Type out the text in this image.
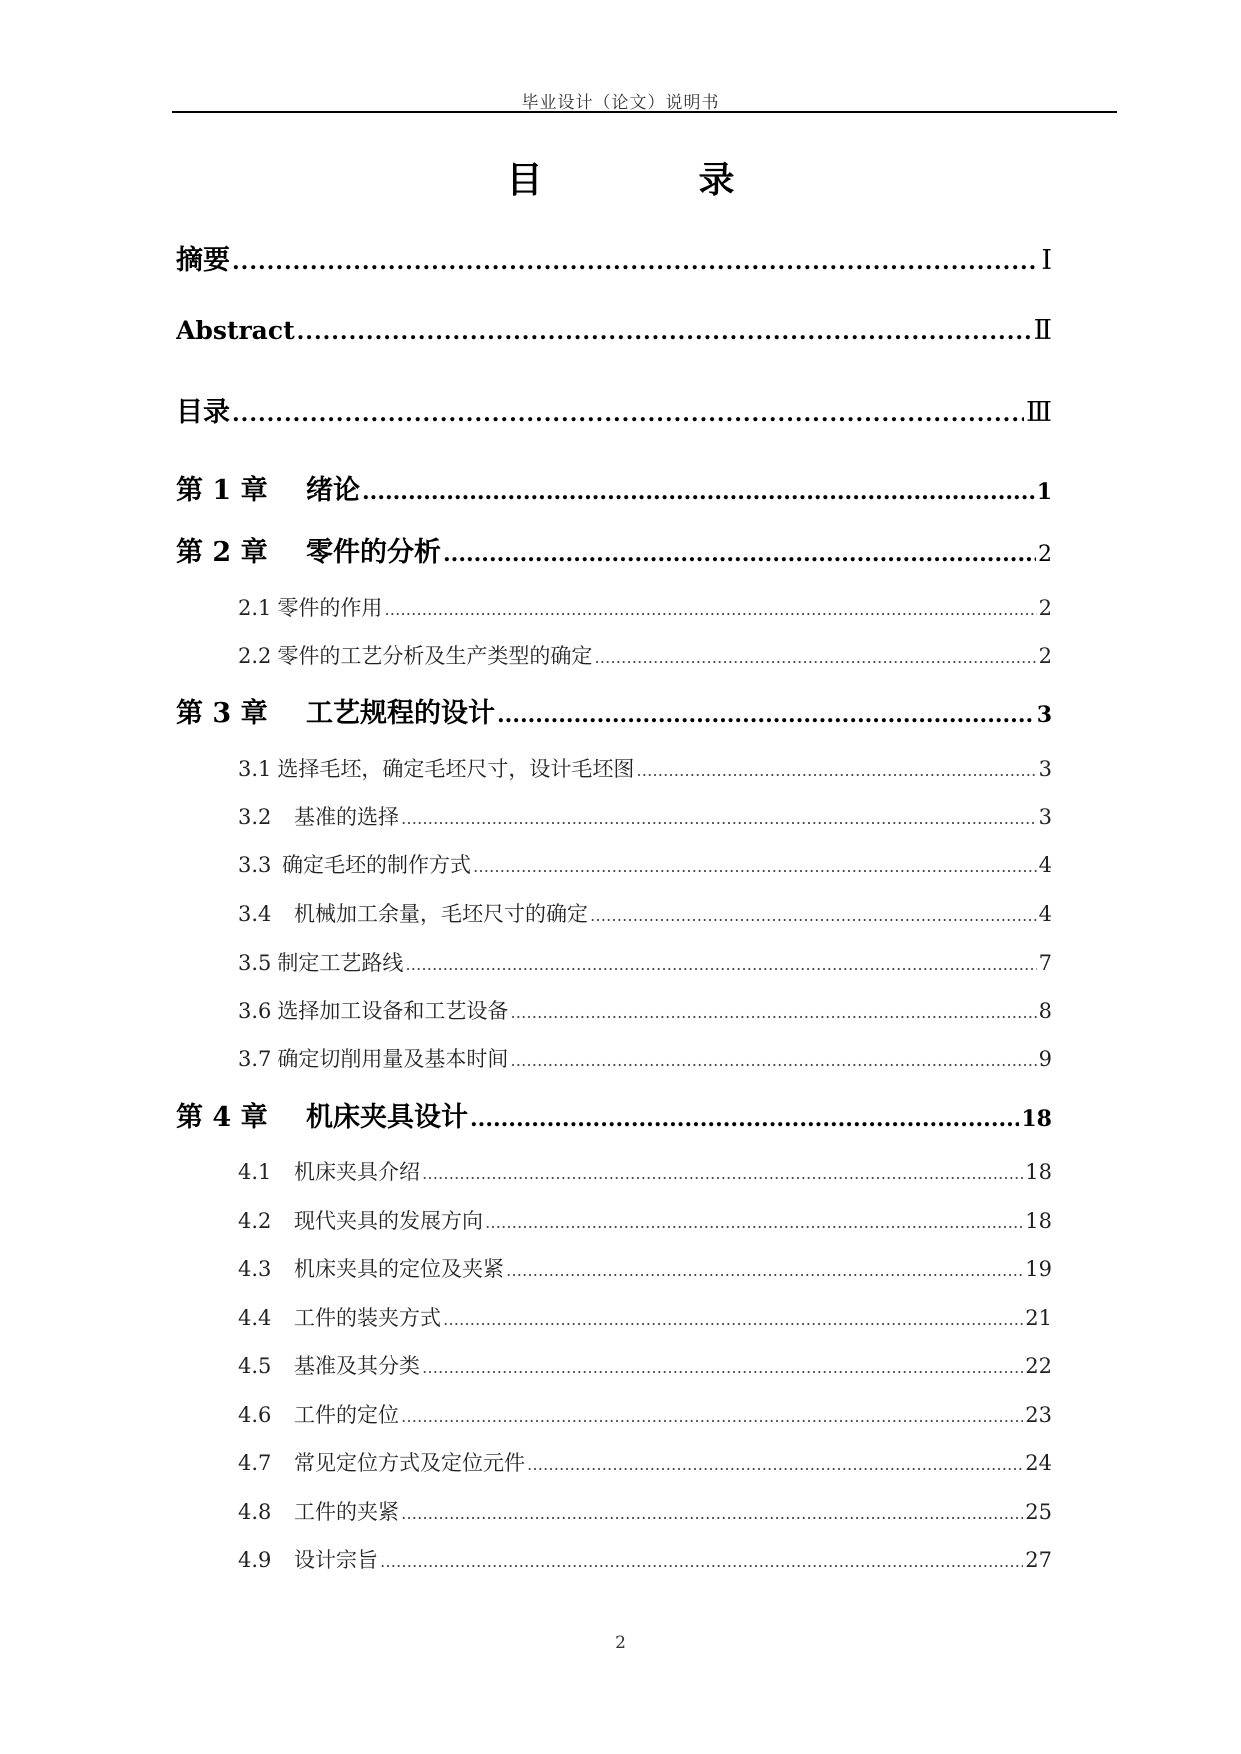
毕业设计（论文）说明书
目　录
摘要 .....	Ⅰ
Abstract .....	Ⅱ
目录 .....	Ⅲ
第 1 章 绪论 .....	1
第 2 章 零件的分析 .....	2
2.1 零件的作用 ……………………………………………………………………………………………………………………………………………………………………………………………………	2
2.2 零件的工艺分析及生产类型的确定 ……………………………………………………………………………………………………………………………………………………………………………………………………	2
第 3 章 工艺规程的设计 .....	3
3.1 选择毛坯，确定毛坯尺寸，设计毛坯图 ……………………………………………………………………………………………………………………………………………………………………………………………………	3
3.2 基准的选择 ……………………………………………………………………………………………………………………………………………………………………………………………………	3
3.3 确定毛坯的制作方式 ……………………………………………………………………………………………………………………………………………………………………………………………………	4
3.4 机械加工余量，毛坯尺寸的确定 ……………………………………………………………………………………………………………………………………………………………………………………………………	4
3.5 制定工艺路线 ……………………………………………………………………………………………………………………………………………………………………………………………………	7
3.6 选择加工设备和工艺设备 ……………………………………………………………………………………………………………………………………………………………………………………………………	8
3.7 确定切削用量及基本时间 ……………………………………………………………………………………………………………………………………………………………………………………………………	9
第 4 章 机床夹具设计 .....	18
4.1 机床夹具介绍 ……………………………………………………………………………………………………………………………………………………………………………………………………	18
4.2 现代夹具的发展方向 ……………………………………………………………………………………………………………………………………………………………………………………………………	18
4.3 机床夹具的定位及夹紧 ……………………………………………………………………………………………………………………………………………………………………………………………………	19
4.4 工件的装夹方式 ……………………………………………………………………………………………………………………………………………………………………………………………………	21
4.5 基准及其分类 ……………………………………………………………………………………………………………………………………………………………………………………………………	22
4.6 工件的定位 ……………………………………………………………………………………………………………………………………………………………………………………………………	23
4.7 常见定位方式及定位元件 ……………………………………………………………………………………………………………………………………………………………………………………………………	24
4.8 工件的夹紧 ……………………………………………………………………………………………………………………………………………………………………………………………………	25
4.9 设计宗旨 ……………………………………………………………………………………………………………………………………………………………………………………………………	27
2
